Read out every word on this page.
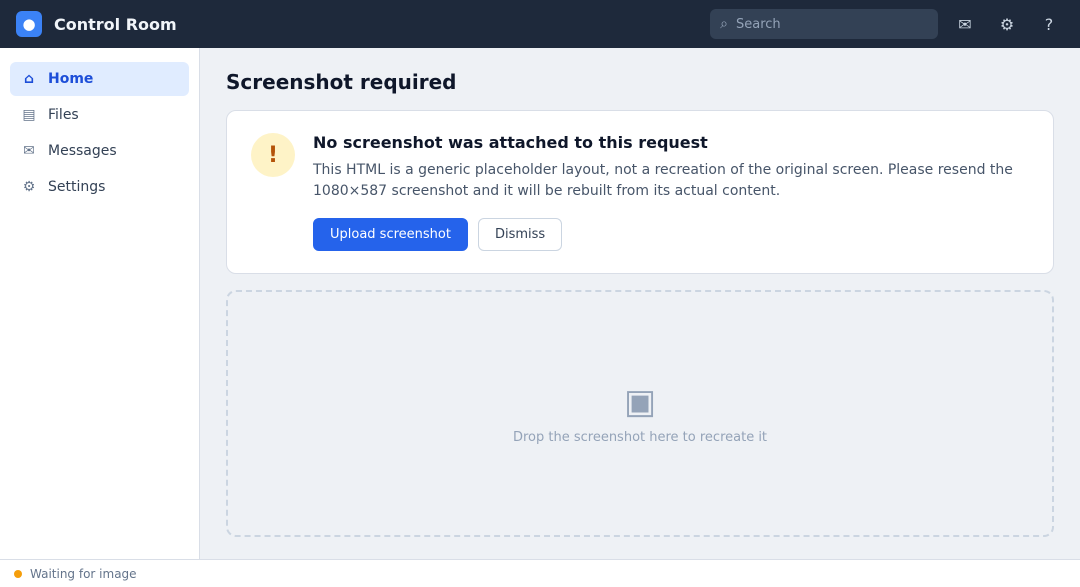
●	Control Room	⌕
Search	✉	⚙	?
⌂ Home
▤ Files
✉ Messages
⚙ Settings
Screenshot required
!	No screenshot was attached to this request

This HTML is a generic placeholder layout, not a recreation of the original screen. Please resend the 1080×587 screenshot and it will be rebuilt from its actual content.

Upload screenshot	Dismiss
▣
Drop the screenshot here to recreate it
Waiting for image
